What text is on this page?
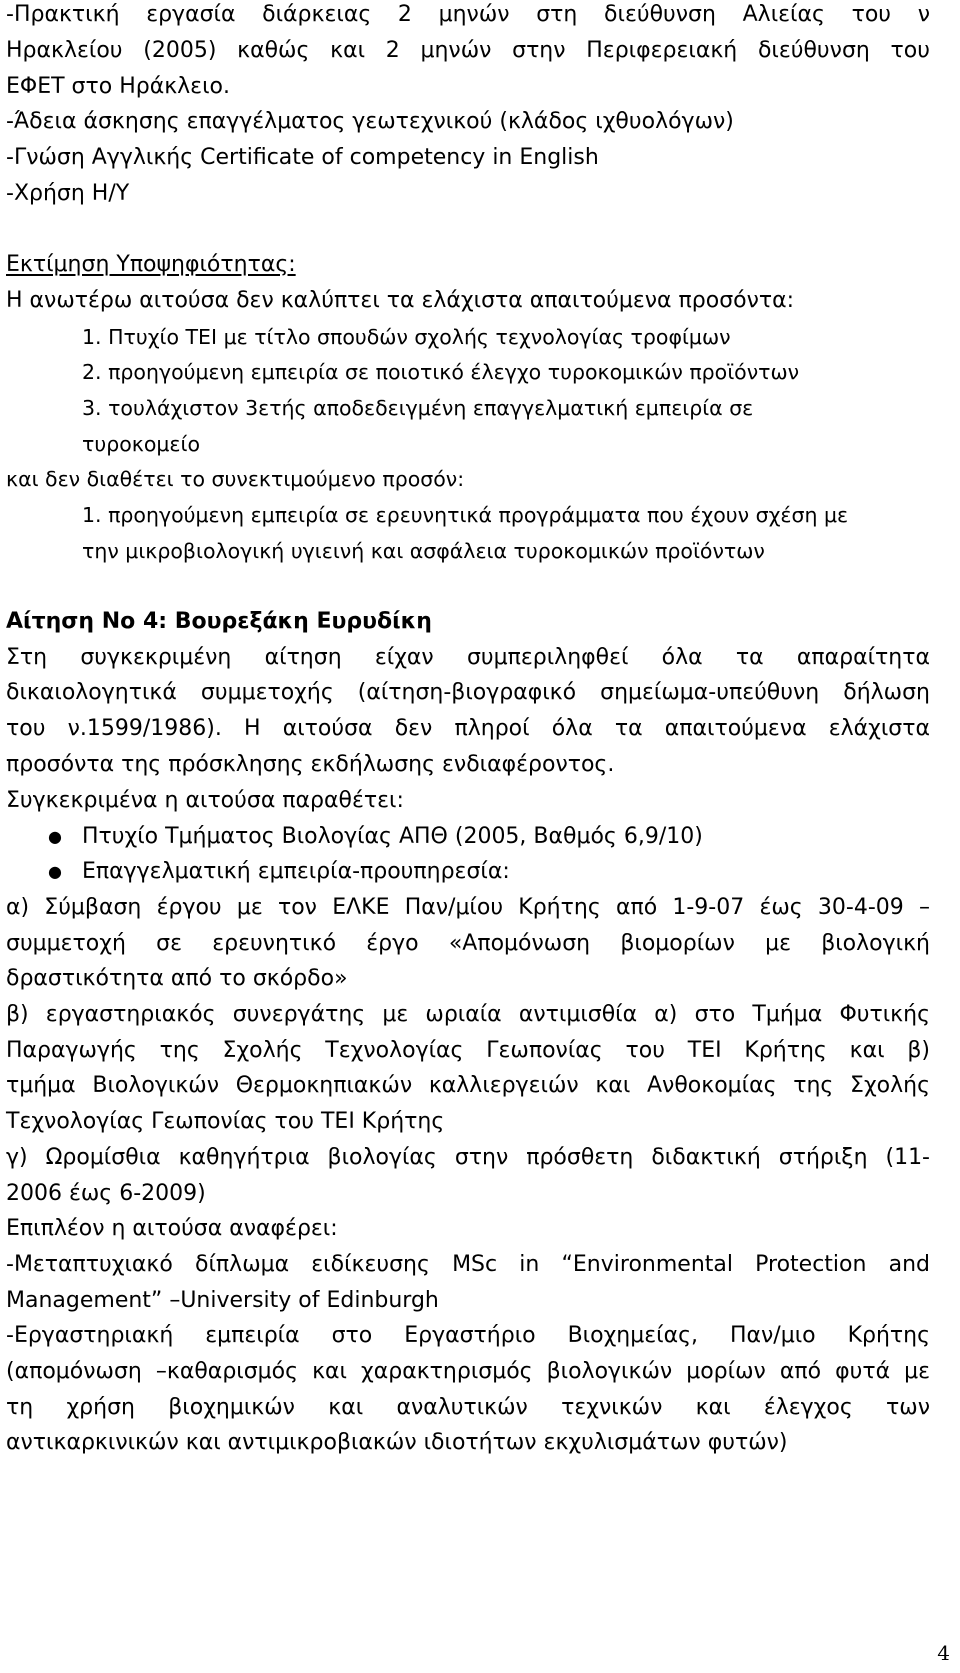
-Πρακτική εργασία διάρκειας 2 μηνών στη διεύθυνση Αλιείας του ν
Ηρακλείου (2005) καθώς και 2 μηνών στην Περιφερειακή διεύθυνση του
ΕΦΕΤ στο Ηράκλειο.
-Άδεια άσκησης επαγγέλματος γεωτεχνικού (κλάδος ιχθυολόγων)
-Γνώση Αγγλικής Certificate of competency in English
-Χρήση Η/Υ
Εκτίμηση Υποψηφιότητας:
Η ανωτέρω αιτούσα δεν καλύπτει τα ελάχιστα απαιτούμενα προσόντα:
1. Πτυχίο ΤΕΙ με τίτλο σπουδών σχολής τεχνολογίας τροφίμων
2. προηγούμενη εμπειρία σε ποιοτικό έλεγχο τυροκομικών προϊόντων
3. τουλάχιστον 3ετής αποδεδειγμένη επαγγελματική εμπειρία σε
τυροκομείο
και δεν διαθέτει το συνεκτιμούμενο προσόν:
1. προηγούμενη εμπειρία σε ερευνητικά προγράμματα που έχουν σχέση με
την μικροβιολογική υγιεινή και ασφάλεια τυροκομικών προϊόντων
Αίτηση Νο 4: Βουρεξάκη Ευρυδίκη
Στη συγκεκριμένη αίτηση είχαν συμπεριληφθεί όλα τα απαραίτητα
δικαιολογητικά συμμετοχής (αίτηση-βιογραφικό σημείωμα-υπεύθυνη δήλωση
του ν.1599/1986). Η αιτούσα δεν πληροί όλα τα απαιτούμενα ελάχιστα
προσόντα της πρόσκλησης εκδήλωσης ενδιαφέροντος.
Συγκεκριμένα η αιτούσα παραθέτει:
● Πτυχίο Τμήματος Βιολογίας ΑΠΘ (2005, Βαθμός 6,9/10)
● Επαγγελματική εμπειρία-προυπηρεσία:
α) Σύμβαση έργου με τον ΕΛΚΕ Παν/μίου Κρήτης από 1-9-07 έως 30-4-09 –
συμμετοχή σε ερευνητικό έργο «Απομόνωση βιομορίων με βιολογική
δραστικότητα από το σκόρδο»
β) εργαστηριακός συνεργάτης με ωριαία αντιμισθία α) στο Τμήμα Φυτικής
Παραγωγής της Σχολής Τεχνολογίας Γεωπονίας του ΤΕΙ Κρήτης και β)
τμήμα Βιολογικών Θερμοκηπιακών καλλιεργειών και Ανθοκομίας της Σχολής
Τεχνολογίας Γεωπονίας του ΤΕΙ Κρήτης
γ) Ωρομίσθια καθηγήτρια βιολογίας στην πρόσθετη διδακτική στήριξη (11-
2006 έως 6-2009)
Επιπλέον η αιτούσα αναφέρει:
-Μεταπτυχιακό δίπλωμα ειδίκευσης MSc in “Environmental Protection and
Management” –University of Edinburgh
-Εργαστηριακή εμπειρία στο Εργαστήριο Βιοχημείας, Παν/μιο Κρήτης
(απομόνωση –καθαρισμός και χαρακτηρισμός βιολογικών μορίων από φυτά με
τη χρήση βιοχημικών και αναλυτικών τεχνικών και έλεγχος των
αντικαρκινικών και αντιμικροβιακών ιδιοτήτων εκχυλισμάτων φυτών)
4
